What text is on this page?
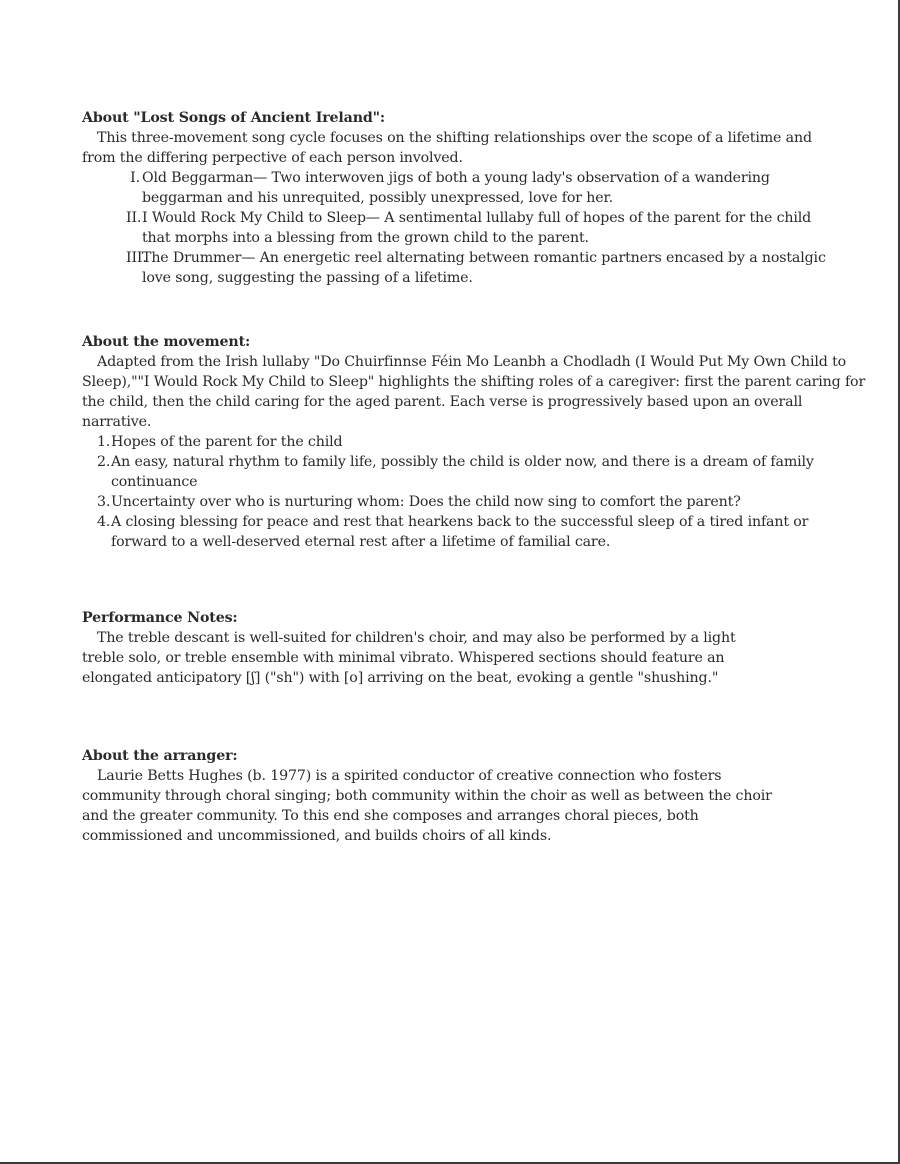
About "Lost Songs of Ancient Ireland":

This three-movement song cycle focuses on the shifting relationships over the scope of a lifetime and from the differing perpective of each person involved.

I. Old Beggarman— Two interwoven jigs of both a young lady's observation of a wandering beggarman and his unrequited, possibly unexpressed, love for her.
II. I Would Rock My Child to Sleep— A sentimental lullaby full of hopes of the parent for the child that morphs into a blessing from the grown child to the parent.
III.
The Drummer— An energetic reel alternating between romantic partners encased by a nostalgic love song, suggesting the passing of a lifetime.

About the movement:

Adapted from the Irish lullaby "Do Chuirfinnse Féin Mo Leanbh a Chodladh (I Would Put My Own Child to Sleep),""I Would Rock My Child to Sleep" highlights the shifting roles of a caregiver: first the parent caring for the child, then the child caring for the aged parent. Each verse is progressively based upon an overall narrative.

1. Hopes of the parent for the child
2. An easy, natural rhythm to family life, possibly the child is older now, and there is a dream of family continuance
3. Uncertainty over who is nurturing whom: Does the child now sing to comfort the parent?
4. A closing blessing for peace and rest that hearkens back to the successful sleep of a tired infant or forward to a well-deserved eternal rest after a lifetime of familial care.

Performance Notes:

The treble descant is well-suited for children's choir, and may also be performed by a light treble solo, or treble ensemble with minimal vibrato. Whispered sections should feature an elongated anticipatory [ʃ] ("sh") with [o] arriving on the beat, evoking a gentle "shushing."

About the arranger:

Laurie Betts Hughes (b. 1977) is a spirited conductor of creative connection who fosters community through choral singing; both community within the choir as well as between the choir and the greater community. To this end she composes and arranges choral pieces, both commissioned and uncommissioned, and builds choirs of all kinds.
